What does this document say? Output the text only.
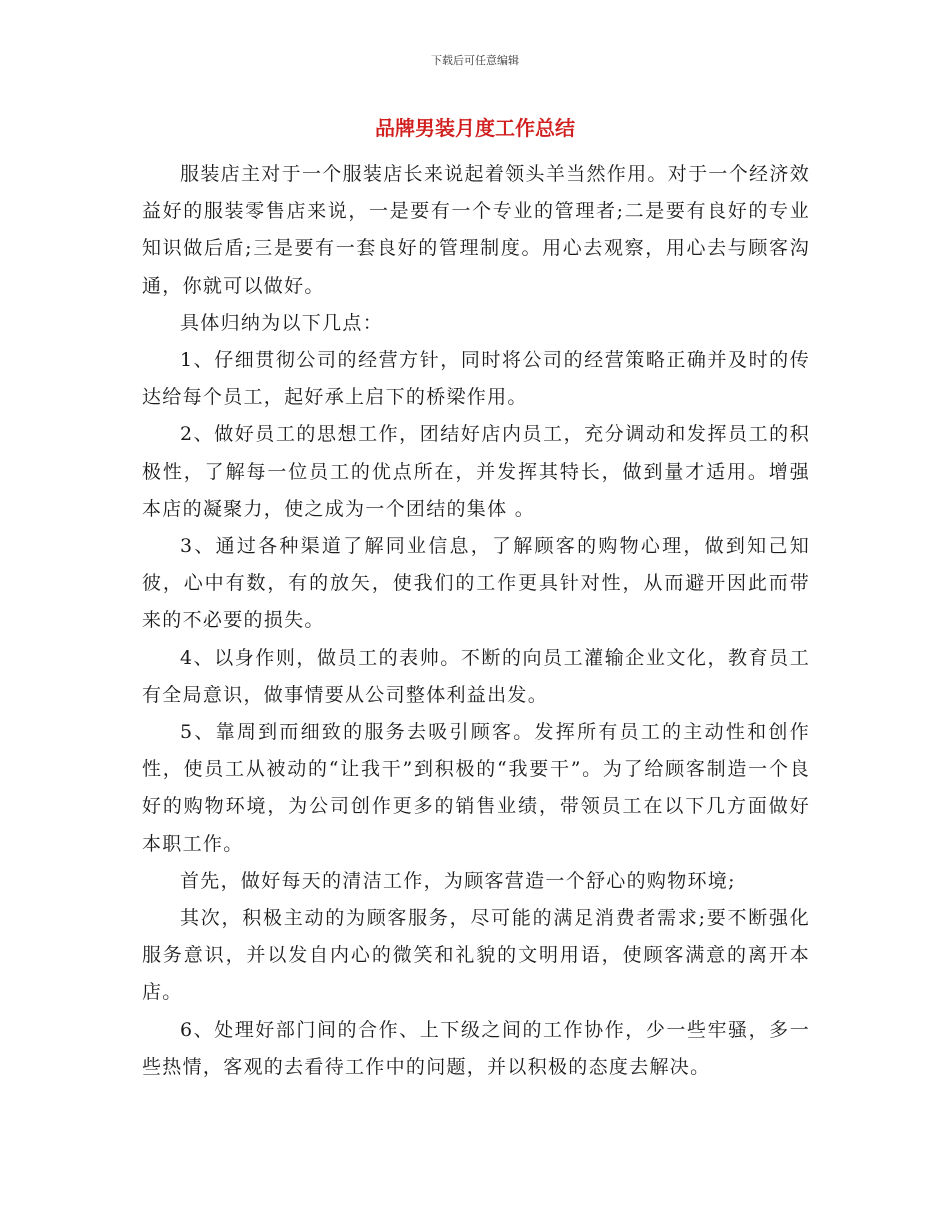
下载后可任意编辑
品牌男装月度工作总结

服装店主对于一个服装店长来说起着领头羊当然作用。对于一个经济效益好的服装零售店来说，一是要有一个专业的管理者;二是要有良好的专业知识做后盾;三是要有一套良好的管理制度。用心去观察，用心去与顾客沟通，你就可以做好。

具体归纳为以下几点：

1、仔细贯彻公司的经营方针，同时将公司的经营策略正确并及时的传达给每个员工，起好承上启下的桥梁作用。

2、做好员工的思想工作，团结好店内员工，充分调动和发挥员工的积极性，了解每一位员工的优点所在，并发挥其特长，做到量才适用。增强本店的凝聚力，使之成为一个团结的集体 。

3、通过各种渠道了解同业信息，了解顾客的购物心理，做到知己知彼，心中有数，有的放矢，使我们的工作更具针对性，从而避开因此而带来的不必要的损失。

4、以身作则，做员工的表帅。不断的向员工灌输企业文化，教育员工有全局意识，做事情要从公司整体利益出发。

5、靠周到而细致的服务去吸引顾客。发挥所有员工的主动性和创作性，使员工从被动的“让我干”到积极的“我要干”。为了给顾客制造一个良好的购物环境，为公司创作更多的销售业绩，带领员工在以下几方面做好本职工作。

首先，做好每天的清洁工作，为顾客营造一个舒心的购物环境;

其次，积极主动的为顾客服务，尽可能的满足消费者需求;要不断强化服务意识，并以发自内心的微笑和礼貌的文明用语，使顾客满意的离开本店。

6、处理好部门间的合作、上下级之间的工作协作，少一些牢骚，多一些热情，客观的去看待工作中的问题，并以积极的态度去解决。
